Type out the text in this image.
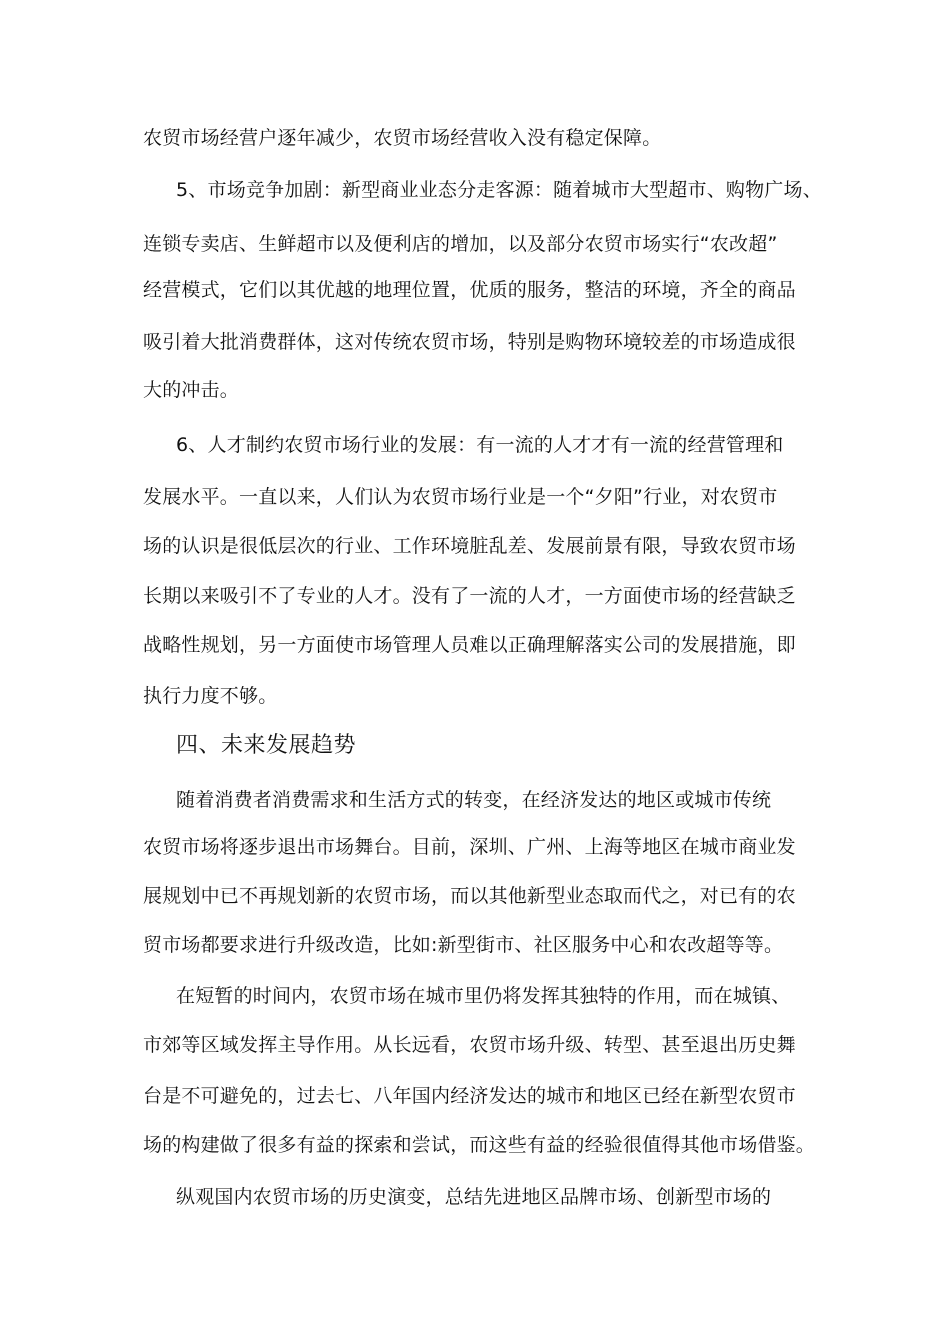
农贸市场经营户逐年减少，农贸市场经营收入没有稳定保障。
5、市场竞争加剧：新型商业业态分走客源：随着城市大型超市、购物广场、
连锁专卖店、生鲜超市以及便利店的增加，以及部分农贸市场实行“农改超”
经营模式，它们以其优越的地理位置，优质的服务，整洁的环境，齐全的商品
吸引着大批消费群体，这对传统农贸市场，特别是购物环境较差的市场造成很
大的冲击。
6、人才制约农贸市场行业的发展：有一流的人才才有一流的经营管理和
发展水平。一直以来，人们认为农贸市场行业是一个“夕阳”行业，对农贸市
场的认识是很低层次的行业、工作环境脏乱差、发展前景有限，导致农贸市场
长期以来吸引不了专业的人才。没有了一流的人才，一方面使市场的经营缺乏
战略性规划，另一方面使市场管理人员难以正确理解落实公司的发展措施，即
执行力度不够。
四、未来发展趋势
随着消费者消费需求和生活方式的转变，在经济发达的地区或城市传统
农贸市场将逐步退出市场舞台。目前，深圳、广州、上海等地区在城市商业发
展规划中已不再规划新的农贸市场，而以其他新型业态取而代之，对已有的农
贸市场都要求进行升级改造，比如:新型街市、社区服务中心和农改超等等。
在短暂的时间内，农贸市场在城市里仍将发挥其独特的作用，而在城镇、
市郊等区域发挥主导作用。从长远看，农贸市场升级、转型、甚至退出历史舞
台是不可避免的，过去七、八年国内经济发达的城市和地区已经在新型农贸市
场的构建做了很多有益的探索和尝试，而这些有益的经验很值得其他市场借鉴。
纵观国内农贸市场的历史演变，总结先进地区品牌市场、创新型市场的
